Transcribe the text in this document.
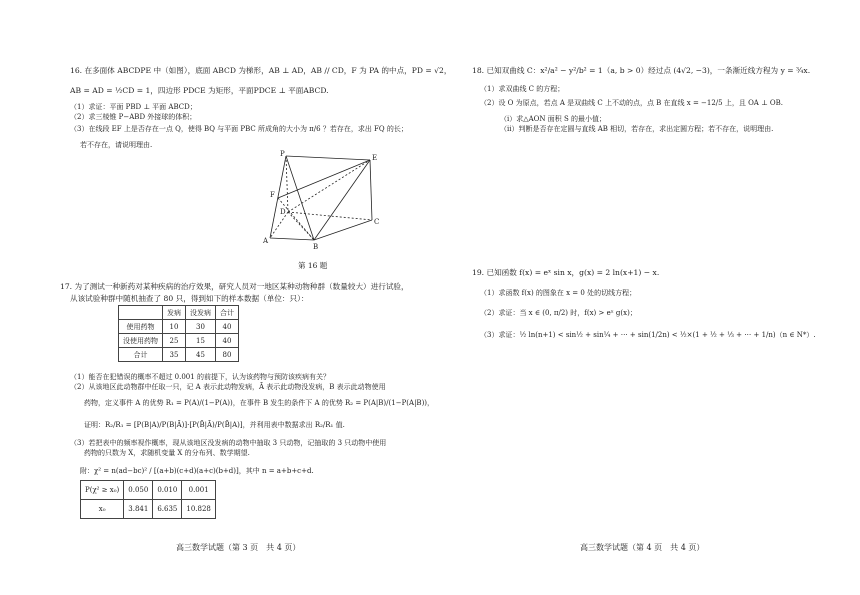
16. 在多面体 ABCDPE 中（如图），底面 ABCD 为梯形，AB ⊥ AD，AB // CD，F 为 PA 的中点，PD = √2，
AB = AD = ½CD = 1，四边形 PDCE 为矩形，平面PDCE ⊥ 平面ABCD.
（1）求证：平面 PBD ⊥ 平面 ABCD；
（2）求三棱锥 P−ABD 外接球的体积；
（3）在线段 EF 上是否存在一点 Q，使得 BQ 与平面 PBC 所成角的大小为 π/6 ？若存在，求出 FQ 的长；
若不存在，请说明理由.
P	E
F
D
C
A
B
第 16 题
17. 为了测试一种新药对某种疾病的治疗效果，研究人员对一地区某种动物种群（数量较大）进行试验，
从该试验种群中随机抽查了 80 只，得到如下的样本数据（单位：只）：
	发病	没发病	合计
使用药物	10	30	40
没使用药物	25	15	40
合计	35	45	80
（1）能否在犯错误的概率不超过 0.001 的前提下，认为该药物与预防该疾病有关？
（2）从该地区此动物群中任取一只，记 A 表示此动物发病，Ā 表示此动物没发病，B 表示此动物使用
药物，定义事件 A 的优势 R₁ = P(A)/(1−P(A))，在事件 B 发生的条件下 A 的优势 R₂ = P(A|B)/(1−P(A|B))，
证明：R₂/R₁ = [P(B|A)/P(B|Ā)]·[P(B̄|Ā)/P(B̄|A)]，并利用表中数据求出 R₂/R₁ 值.
（3）若把表中的频率视作概率，现从该地区没发病的动物中抽取 3 只动物，记抽取的 3 只动物中使用
药物的只数为 X，求随机变量 X 的分布列、数学期望.
附：χ² = n(ad−bc)² / [(a+b)(c+d)(a+c)(b+d)]，其中 n = a+b+c+d.
P(χ² ≥ x₀)	0.050	0.010	0.001
x₀	3.841	6.635	10.828
高三数学试题（第 3 页　共 4 页）
18. 已知双曲线 C：x²/a² − y²/b² = 1（a, b > 0）经过点 (4√2, −3)，一条渐近线方程为 y = ¾x.
（1）求双曲线 C 的方程；
（2）设 O 为原点，若点 A 是双曲线 C 上不动的点，点 B 在直线 x = −12/5 上，且 OA ⊥ OB.
（i）求△AON 面积 S 的最小值；
（ii）判断是否存在定圆与直线 AB 相切，若存在，求出定圆方程；若不存在，说明理由.
19. 已知函数 f(x) = eˣ sin x，g(x) = 2 ln(x+1) − x.
（1）求函数 f(x) 的图象在 x = 0 处的切线方程；
（2）求证：当 x ∈ (0, π/2) 时，f(x) > eˣ g(x)；
（3）求证：½ ln(n+1) < sin½ + sin¼ + ⋯ + sin(1/2n) < ½×(1 + ½ + ⅓ + ⋯ + 1/n)（n ∈ N*）.
高三数学试题（第 4 页　共 4 页）
